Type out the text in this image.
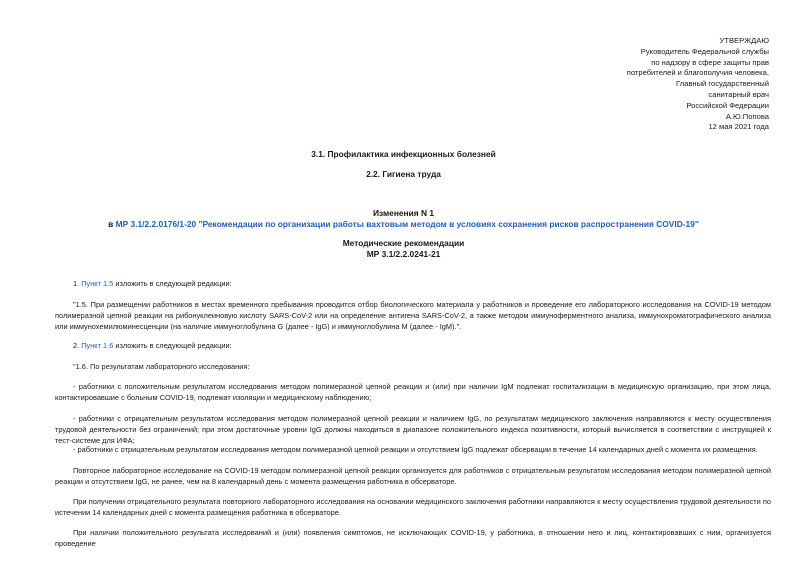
УТВЕРЖДАЮ
Руководитель Федеральной службы
по надзору в сфере защиты прав
потребителей и благополучия человека,
Главный государственный
санитарный врач
Российской Федерации
А.Ю.Попова
12 мая 2021 года
3.1. Профилактика инфекционных болезней
2.2. Гигиена труда
Изменения N 1
в МР 3.1/2.2.0176/1-20 "Рекомендации по организации работы вахтовым методом в условиях сохранения рисков распространения COVID-19"
Методические рекомендации
МР 3.1/2.2.0241-21
1. Пункт 1.5 изложить в следующей редакции:
"1.5. При размещении работников в местах временного пребывания проводится отбор биологического материала у работников и проведение его лабораторного исследования на COVID-19 методом полимеразной цепной реакции на рибонуклеиновую кислоту SARS-CoV-2 или на определение антигена SARS-CoV-2, а также методом иммуноферментного анализа, иммунохроматографического анализа или иммунохемилюминесценции (на наличие иммуноглобулина G (далее - IgG) и иммуноглобулина М (далее - IgM).".
2. Пункт 1.6 изложить в следующей редакции:
"1.6. По результатам лабораторного исследования:
- работники с положительным результатом исследования методом полимеразной цепной реакции и (или) при наличии IgM подлежат госпитализации в медицинскую организацию, при этом лица, контактировавшие с больным COVID-19, подлежат изоляции и медицинскому наблюдению;
- работники с отрицательным результатом исследования методом полимеразной цепной реакции и наличием IgG, по результатам медицинского заключения направляются к месту осуществления трудовой деятельности без ограничений; при этом достаточные уровни IgG должны находиться в диапазоне положительного индекса позитивности, который вычисляется в соответствии с инструкцией к тест-системе для ИФА;
- работники с отрицательным результатом исследования методом полимеразной цепной реакции и отсутствием IgG подлежат обсервации в течение 14 календарных дней с момента их размещения.
Повторное лабораторное исследование на COVID-19 методом полимеразной цепной реакции организуется для работников с отрицательным результатом исследования методом полимеразной цепной реакции и отсутствием IgG, не ранее, чем на 8 календарный день с момента размещения работника в обсерваторе.
При получении отрицательного результата повторного лабораторного исследования на основании медицинского заключения работники направляются к месту осуществления трудовой деятельности по истечении 14 календарных дней с момента размещения работника в обсерваторе.
При наличии положительного результата исследований и (или) появления симптомов, не исключающих COVID-19, у работника, в отношении него и лиц, контактировавших с ним, организуется проведение
